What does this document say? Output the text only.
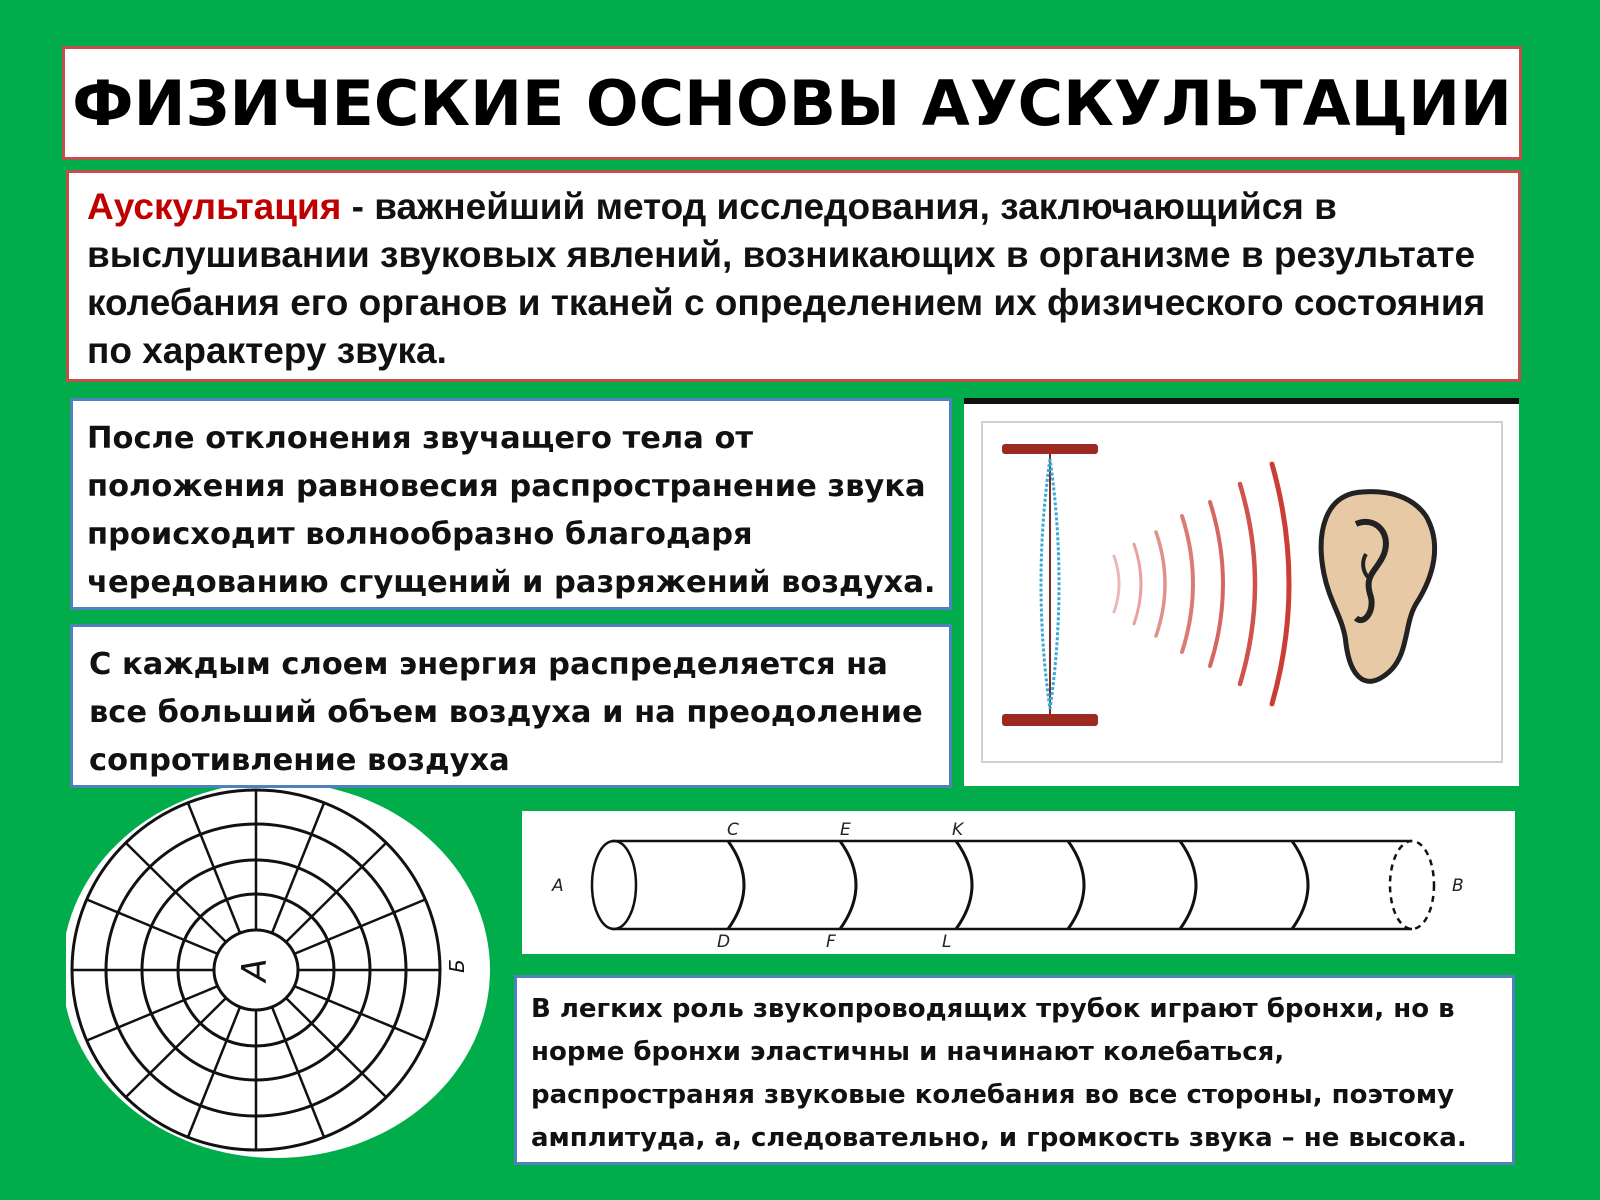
ФИЗИЧЕСКИЕ ОСНОВЫ АУСКУЛЬТАЦИИ
Аускультация - важнейший метод исследования, заключающийся в выслушивании звуковых явлений, возникающих в организме в результате колебания его органов и тканей с определением их физического состояния по характеру звука.
После отклонения звучащего тела от положения равновесия распространение звука происходит волнообразно благодаря чередованию сгущений и разряжений воздуха.
С каждым слоем энергия распределяется на все больший объем воздуха и на преодоление сопротивление воздуха
В легких роль звукопроводящих трубок играют бронхи, но в норме бронхи эластичны и начинают колебаться, распространяя звуковые колебания во все стороны, поэтому амплитуда, а, следовательно, и громкость звука – не высока.
A	B
C
D
E
F
K
L
A	Б
